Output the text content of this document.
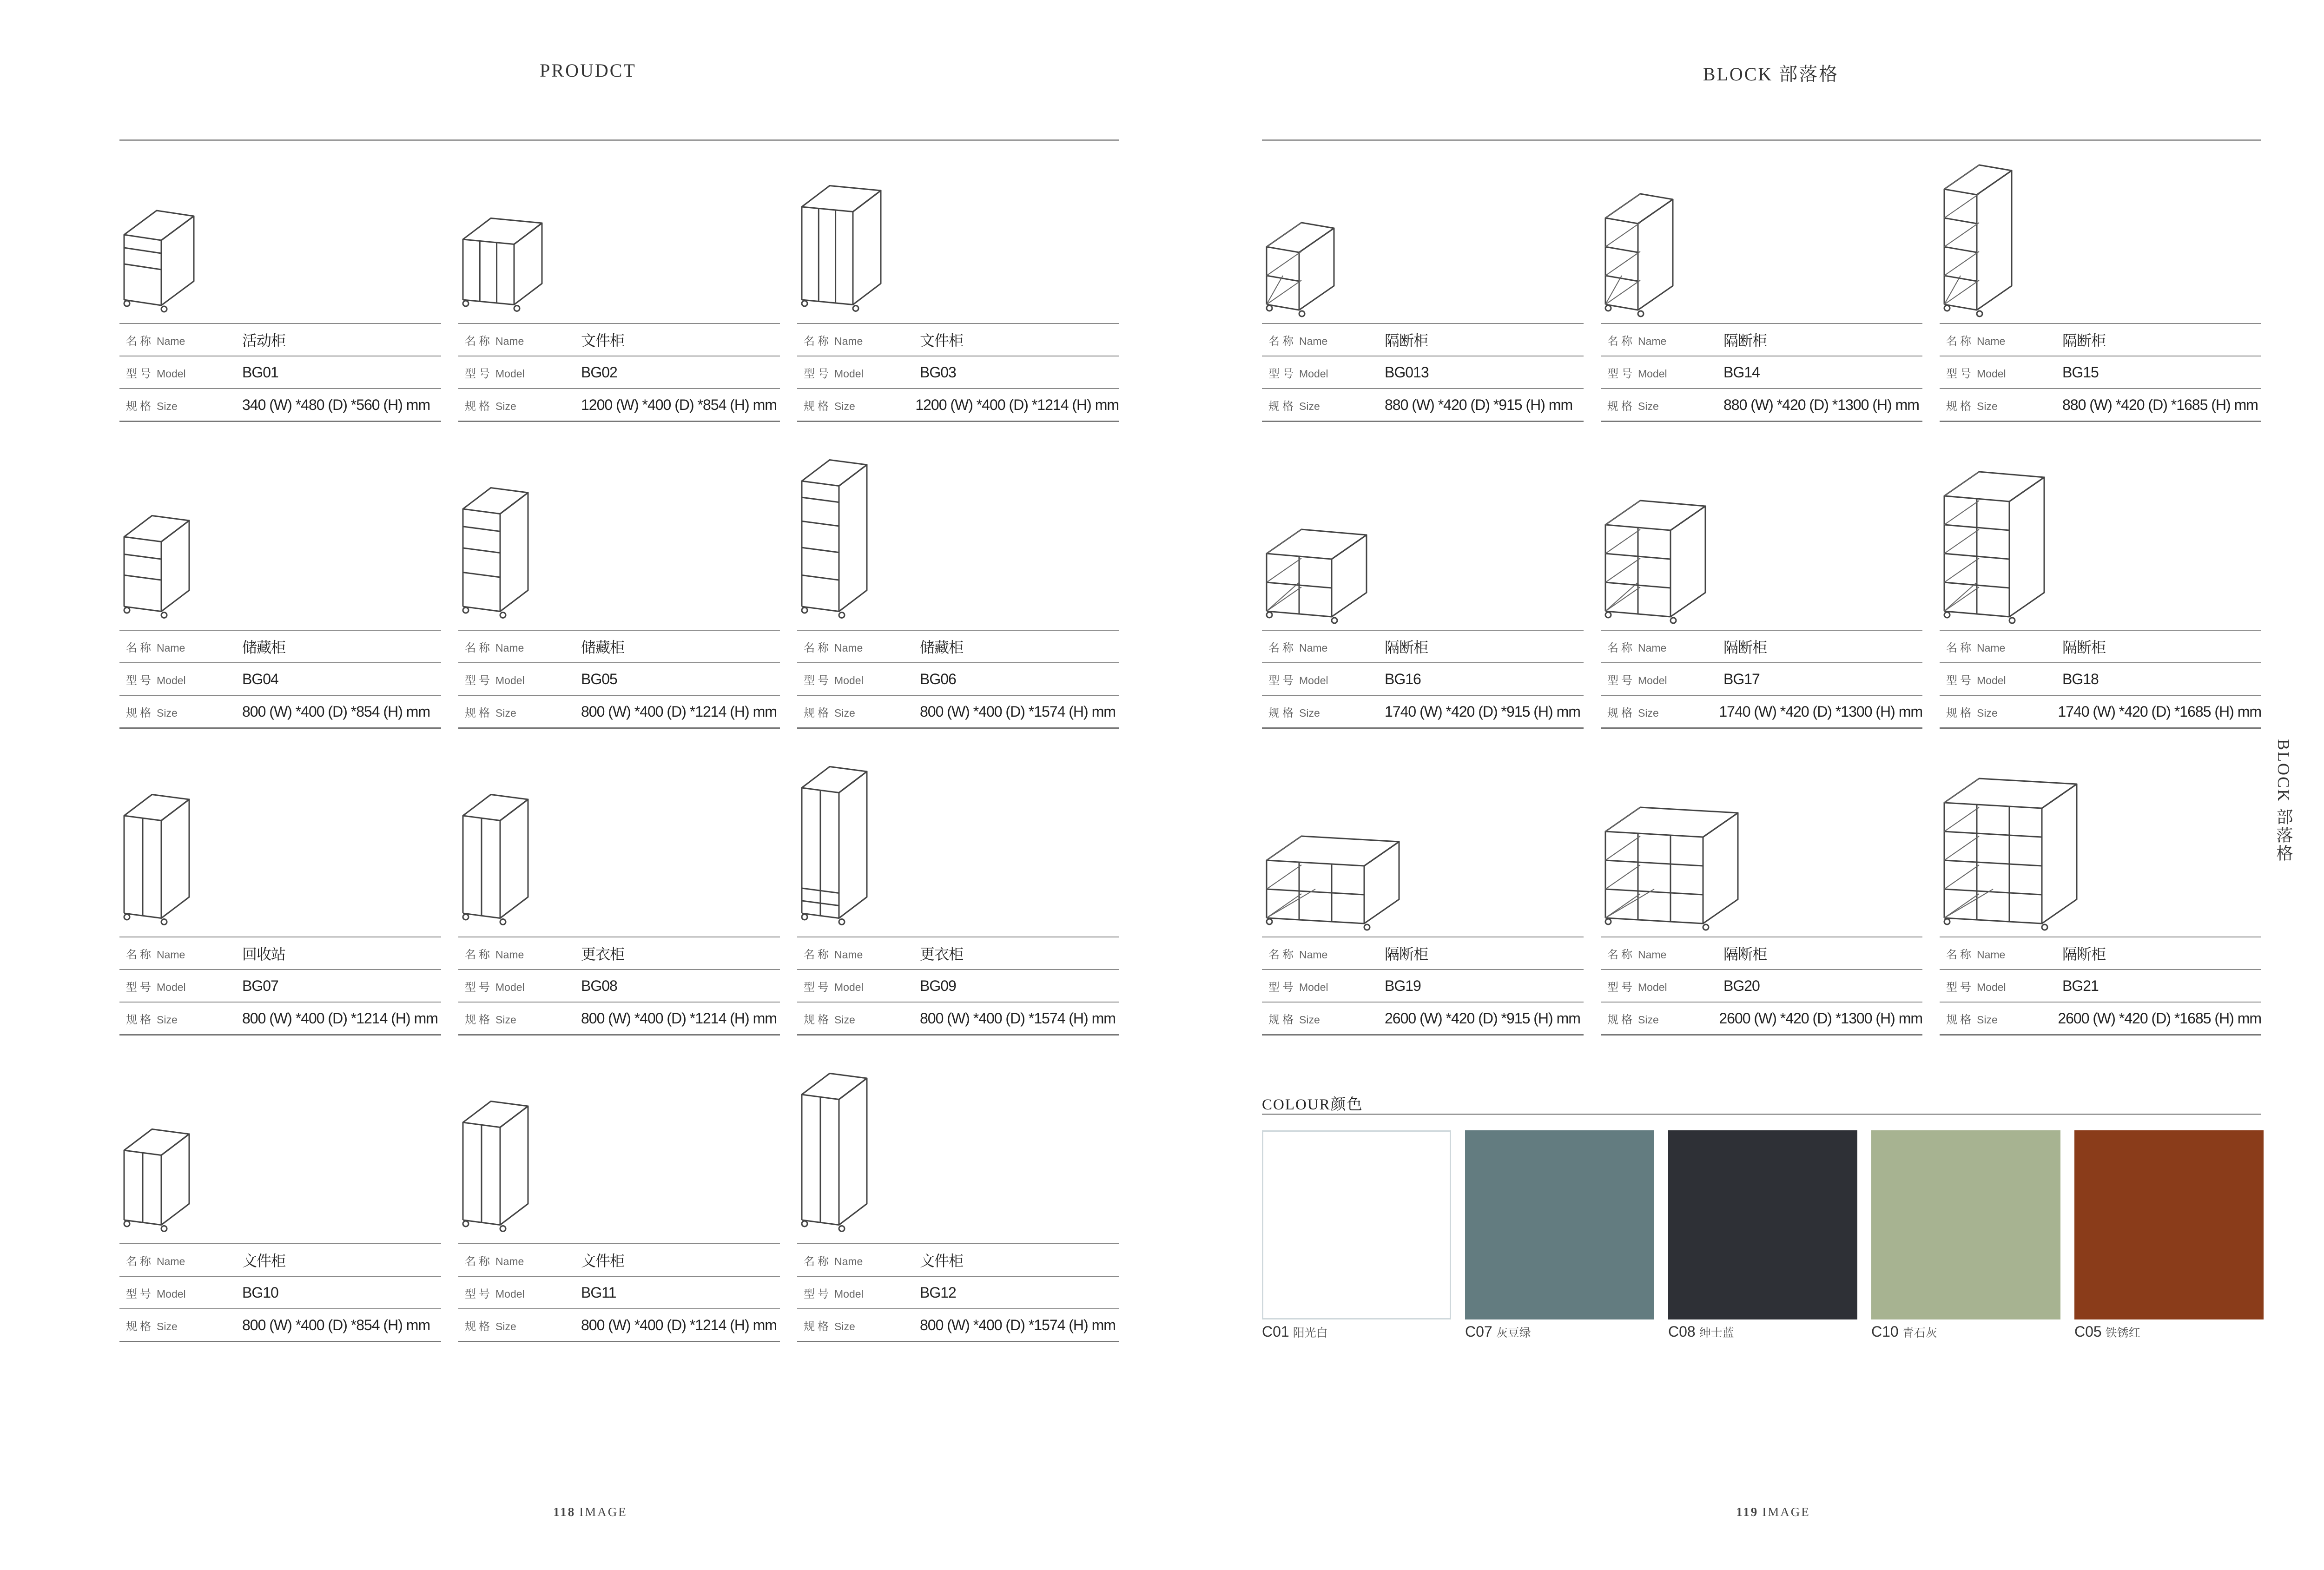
PROUDCT
名称 Name	活动柜
型号 Model	BG01
规格 Size	340 (W) *480 (D) *560 (H) mm
名称 Name	文件柜
型号 Model	BG02
规格 Size	1200 (W) *400 (D) *854 (H) mm
名称 Name	文件柜
型号 Model	BG03
规格 Size	1200 (W) *400 (D) *1214 (H) mm
名称 Name	储藏柜
型号 Model	BG04
规格 Size	800 (W) *400 (D) *854 (H) mm
名称 Name	储藏柜
型号 Model	BG05
规格 Size	800 (W) *400 (D) *1214 (H) mm
名称 Name	储藏柜
型号 Model	BG06
规格 Size	800 (W) *400 (D) *1574 (H) mm
名称 Name	回收站
型号 Model	BG07
规格 Size	800 (W) *400 (D) *1214 (H) mm
名称 Name	更衣柜
型号 Model	BG08
规格 Size	800 (W) *400 (D) *1214 (H) mm
名称 Name	更衣柜
型号 Model	BG09
规格 Size	800 (W) *400 (D) *1574 (H) mm
名称 Name	文件柜
型号 Model	BG10
规格 Size	800 (W) *400 (D) *854 (H) mm
名称 Name	文件柜
型号 Model	BG11
规格 Size	800 (W) *400 (D) *1214 (H) mm
名称 Name	文件柜
型号 Model	BG12
规格 Size	800 (W) *400 (D) *1574 (H) mm
118 IMAGE
BLOCK 部落格
名称 Name	隔断柜
型号 Model	BG013
规格 Size	880 (W) *420 (D) *915 (H) mm
名称 Name	隔断柜
型号 Model	BG14
规格 Size	880 (W) *420 (D) *1300 (H) mm
名称 Name	隔断柜
型号 Model	BG15
规格 Size	880 (W) *420 (D) *1685 (H) mm
名称 Name	隔断柜
型号 Model	BG16
规格 Size	1740 (W) *420 (D) *915 (H) mm
名称 Name	隔断柜
型号 Model	BG17
规格 Size	1740 (W) *420 (D) *1300 (H) mm
名称 Name	隔断柜
型号 Model	BG18
规格 Size	1740 (W) *420 (D) *1685 (H) mm
名称 Name	隔断柜
型号 Model	BG19
规格 Size	2600 (W) *420 (D) *915 (H) mm
名称 Name	隔断柜
型号 Model	BG20
规格 Size	2600 (W) *420 (D) *1300 (H) mm
名称 Name	隔断柜
型号 Model	BG21
规格 Size	2600 (W) *420 (D) *1685 (H) mm
BLOCK 部落格
COLOUR颜色
C01 阳光白	C07 灰豆绿	C08 绅士蓝	C10 青石灰	C05 铁锈红
119 IMAGE
